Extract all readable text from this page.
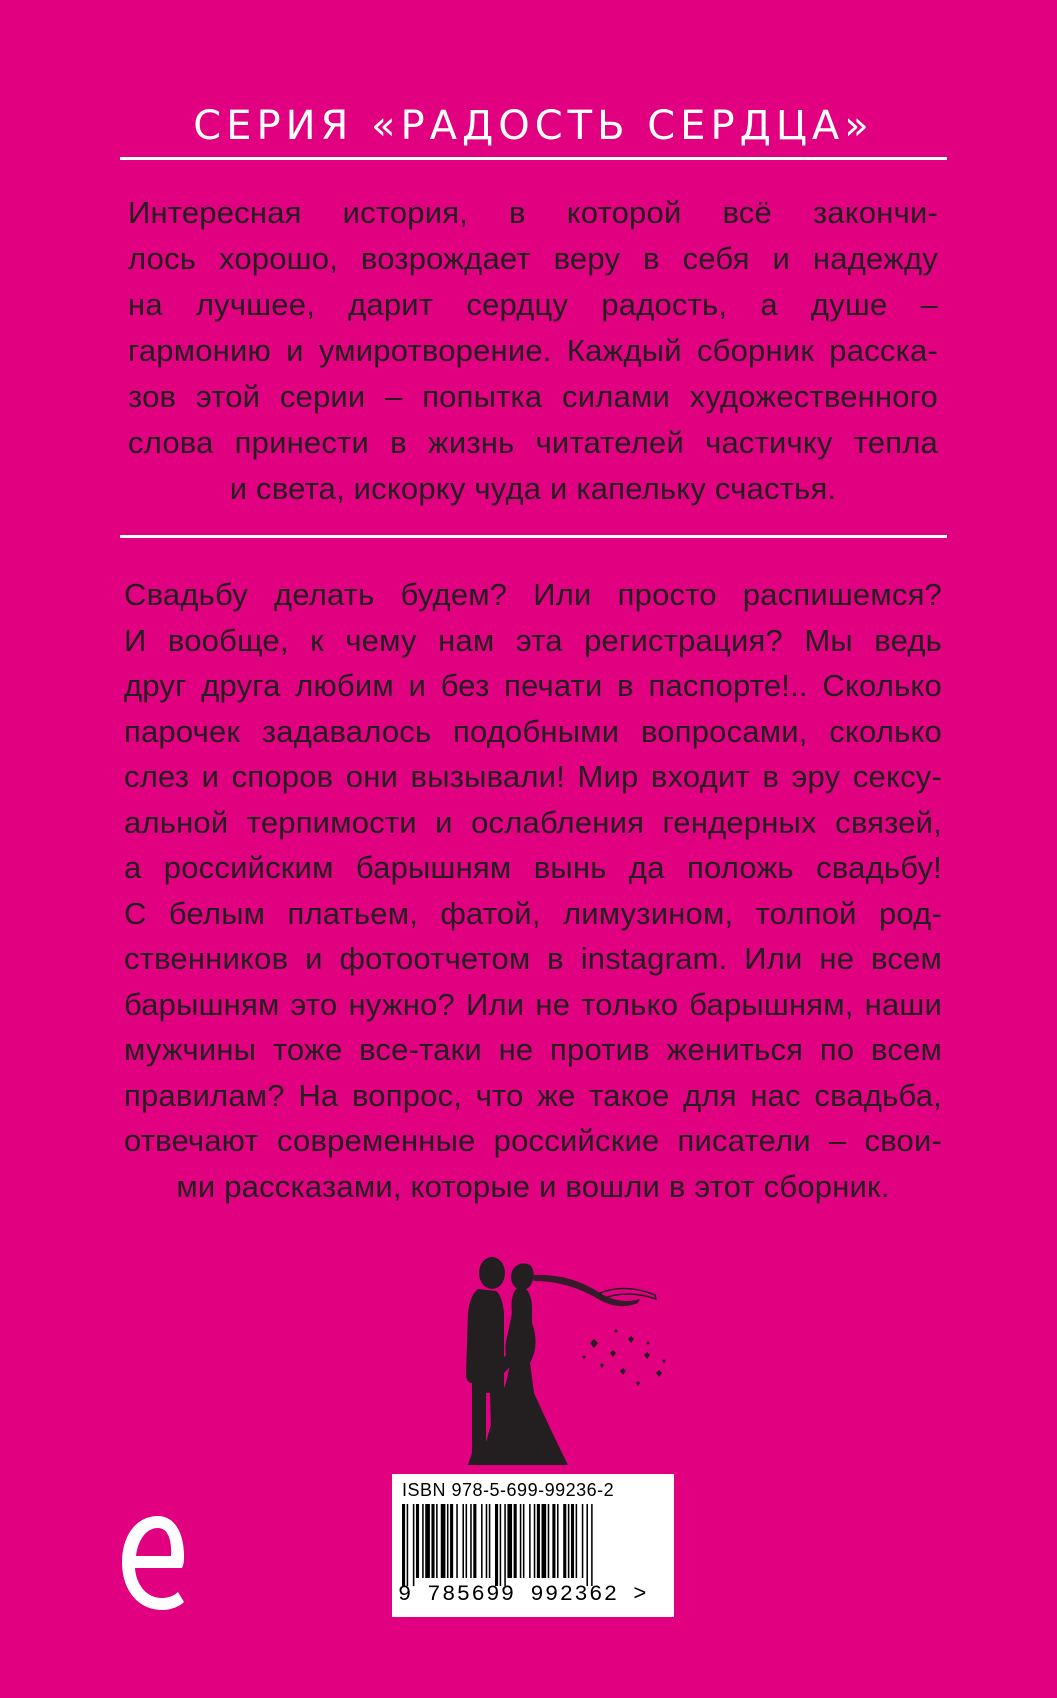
СЕРИЯ «РАДОСТЬ СЕРДЦА»
Интересная история, в которой всё закончи-
лось хорошо, возрождает веру в себя и надежду
на лучшее, дарит сердцу радость, а душе –
гармонию и умиротворение. Каждый сборник расска-
зов этой серии – попытка силами художественного
слова принести в жизнь читателей частичку тепла
и света, искорку чуда и капельку счастья.
Свадьбу делать будем? Или просто распишемся?
И вообще, к чему нам эта регистрация? Мы ведь
друг друга любим и без печати в паспорте!.. Сколько
парочек задавалось подобными вопросами, сколько
слез и споров они вызывали! Мир входит в эру сексу-
альной терпимости и ослабления гендерных связей,
а российским барышням вынь да положь свадьбу!
С белым платьем, фатой, лимузином, толпой род-
ственников и фотоотчетом в instagram. Или не всем
барышням это нужно? Или не только барышням, наши
мужчины тоже все-таки не против жениться по всем
правилам? На вопрос, что же такое для нас свадьба,
отвечают современные российские писатели – свои-
ми рассказами, которые и вошли в этот сборник.
ISBN 978-5-699-99236-2
9 785699 992362 >
